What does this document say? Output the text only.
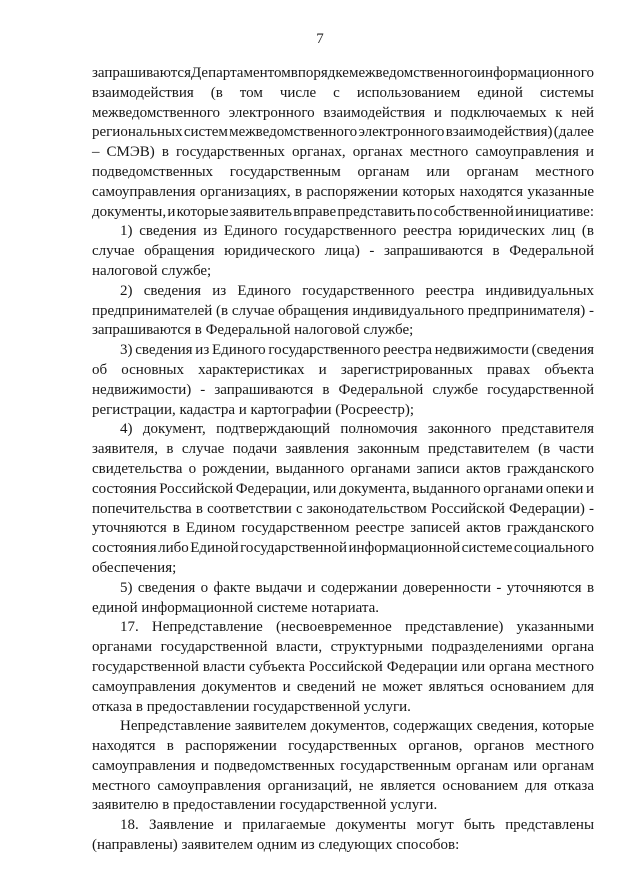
7

запрашиваются Департаментом в порядке межведомственного информационного
взаимодействия (в том числе с использованием единой системы
межведомственного электронного взаимодействия и подключаемых к ней
региональных систем межведомственного электронного взаимодействия) (далее
– СМЭВ) в государственных органах, органах местного самоуправления и
подведомственных государственным органам или органам местного
самоуправления организациях, в распоряжении которых находятся указанные
документы, и которые заявитель вправе представить по собственной инициативе:
1) сведения из Единого государственного реестра юридических лиц (в
случае обращения юридического лица) - запрашиваются в Федеральной
налоговой службе;
2) сведения из Единого государственного реестра индивидуальных
предпринимателей (в случае обращения индивидуального предпринимателя) -
запрашиваются в Федеральной налоговой службе;
3) сведения из Единого государственного реестра недвижимости (сведения
об основных характеристиках и зарегистрированных правах объекта
недвижимости) - запрашиваются в Федеральной службе государственной
регистрации, кадастра и картографии (Росреестр);
4) документ, подтверждающий полномочия законного представителя
заявителя, в случае подачи заявления законным представителем (в части
свидетельства о рождении, выданного органами записи актов гражданского
состояния Российской Федерации, или документа, выданного органами опеки и
попечительства в соответствии с законодательством Российской Федерации) -
уточняются в Едином государственном реестре записей актов гражданского
состояния либо Единой государственной информационной системе социального
обеспечения;
5) сведения о факте выдачи и содержании доверенности - уточняются в
единой информационной системе нотариата.
17. Непредставление (несвоевременное представление) указанными
органами государственной власти, структурными подразделениями органа
государственной власти субъекта Российской Федерации или органа местного
самоуправления документов и сведений не может являться основанием для
отказа в предоставлении государственной услуги.
Непредставление заявителем документов, содержащих сведения, которые
находятся в распоряжении государственных органов, органов местного
самоуправления и подведомственных государственным органам или органам
местного самоуправления организаций, не является основанием для отказа
заявителю в предоставлении государственной услуги.
18. Заявление и прилагаемые документы могут быть представлены
(направлены) заявителем одним из следующих способов:
